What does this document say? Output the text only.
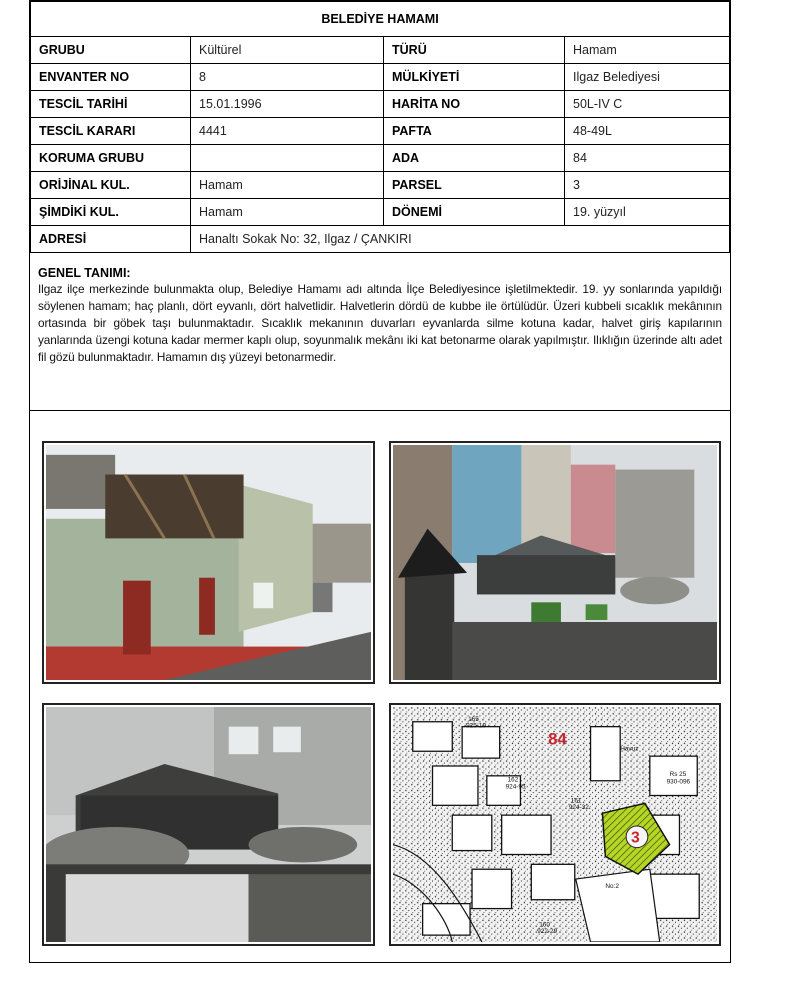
BELEDİYE HAMAMI			
GRUBU	Kültürel	TÜRÜ	Hamam
ENVANTER NO	8	MÜLKİYETİ	Ilgaz Belediyesi
TESCİL TARİHİ	15.01.1996	HARİTA NO	50L-IV C
TESCİL KARARI	4441	PAFTA	48-49L
KORUMA GRUBU		ADA	84
ORİJİNAL KUL.	Hamam	PARSEL	3
ŞİMDİKİ KUL.	Hamam	DÖNEMİ	19. yüzyıl
ADRESİ	Hanaltı Sokak No: 32, Ilgaz / ÇANKIRI		
GENEL TANIMI:

Ilgaz ilçe merkezinde bulunmakta olup, Belediye Hamamı adı altında İlçe Belediyesince işletilmektedir. 19. yy sonlarında yapıldığı söylenen hamam; haç planlı, dört eyvanlı, dört halvetlidir. Halvetlerin dördü de kubbe ile örtülüdür. Üzeri kubbeli sıcaklık mekânının ortasında bir göbek taşı bulunmaktadır. Sıcaklık mekanının duvarları eyvanlarda silme kotuna kadar, halvet giriş kapılarının yanlarında üzengi kotuna kadar mermer kaplı olup, soyunmalık mekânı iki kat betonarme olarak yapılmıştır. Ilıklığın üzerinde altı adet fil gözü bulunmaktadır. Hamamın dış yüzeyi betonarmedir.

84
3
165
925-19
162
924-95
161
924-32
160
922-29
Havuz
Rs 25
930-096
No:2
